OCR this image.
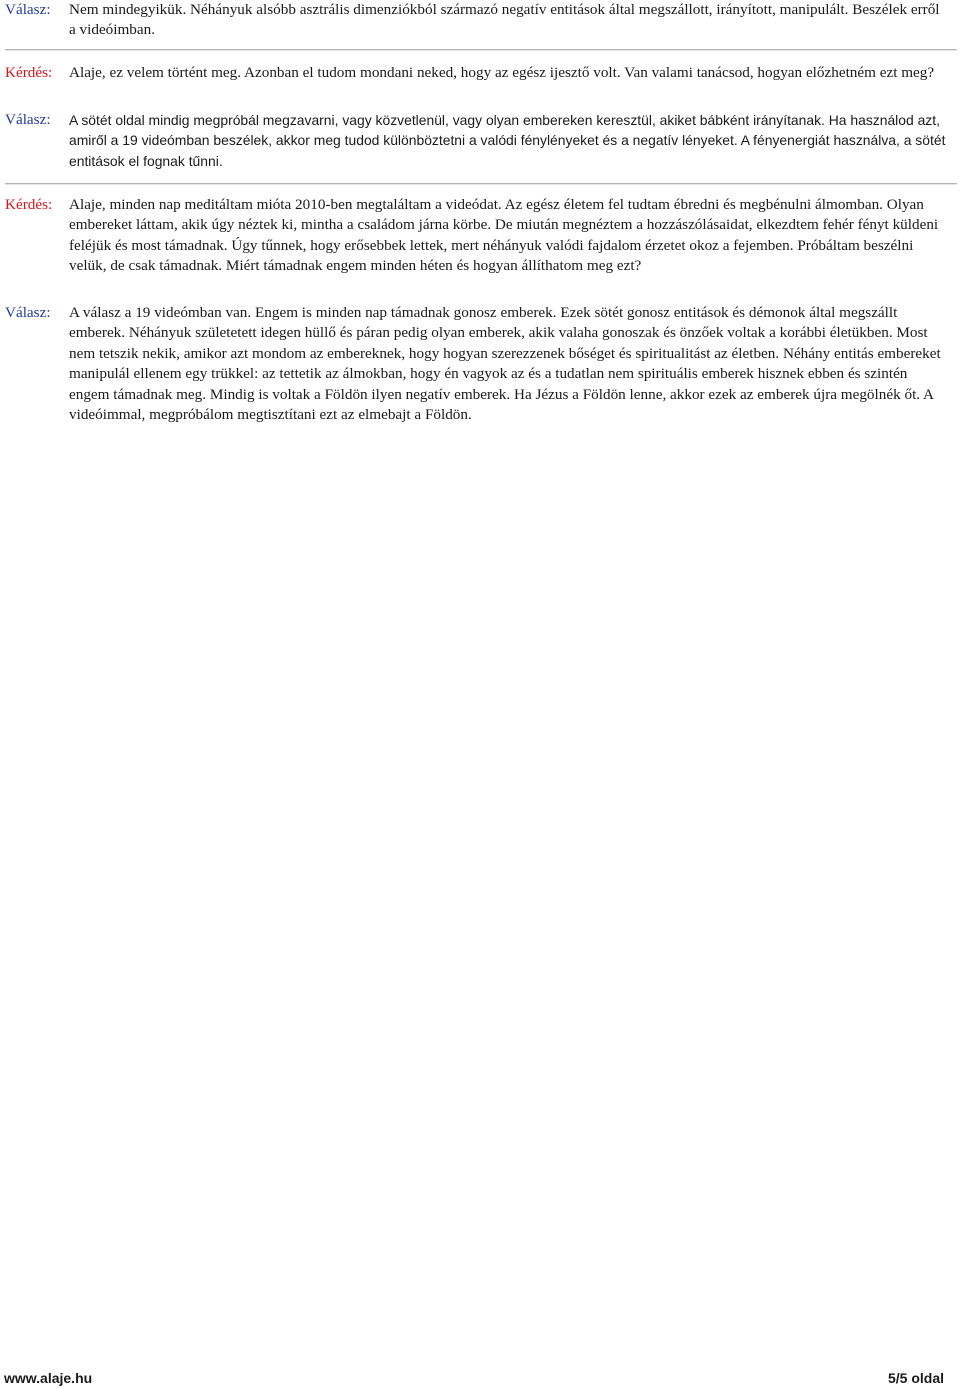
Válasz: Nem mindegyikük. Néhányuk alsóbb asztrális dimenziókból származó negatív entitások által megszállott, irányított, manipulált. Beszélek erről a videóimban.
Kérdés: Alaje, ez velem történt meg. Azonban el tudom mondani neked, hogy az egész ijesztő volt. Van valami tanácsod, hogyan előzhetném ezt meg?
Válasz: A sötét oldal mindig megpróbál megzavarni, vagy közvetlenül, vagy olyan embereken keresztül, akiket bábként irányítanak. Ha használod azt, amiről a 19 videómban beszélek, akkor meg tudod különböztetni a valódi fénylényeket és a negatív lényeket. A fényenergiát használva, a sötét entitások el fognak tűnni.
Kérdés: Alaje, minden nap meditáltam mióta 2010-ben megtaláltam a videódat. Az egész életem fel tudtam ébredni és megbénulni álmomban. Olyan embereket láttam, akik úgy néztek ki, mintha a családom járna körbe. De miután megnéztem a hozzászólásaidat, elkezdtem fehér fényt küldeni feléjük és most támadnak. Úgy tűnnek, hogy erősebbek lettek, mert néhányuk valódi fajdalom érzetet okoz a fejemben. Próbáltam beszélni velük, de csak támadnak. Miért támadnak engem minden héten és hogyan állíthatom meg ezt?
Válasz: A válasz a 19 videómban van. Engem is minden nap támadnak gonosz emberek. Ezek sötét gonosz entitások és démonok által megszállt emberek. Néhányuk születetett idegen hüllő és páran pedig olyan emberek, akik valaha gonoszak és önzőek voltak a korábbi életükben. Most nem tetszik nekik, amikor azt mondom az embereknek, hogy hogyan szerezzenek bőséget és spiritualitást az életben. Néhány entitás embereket manipulál ellenem egy trükkel: az tettetik az álmokban, hogy én vagyok az és a tudatlan nem spirituális emberek hisznek ebben és szintén engem támadnak meg. Mindig is voltak a Földön ilyen negatív emberek. Ha Jézus a Földön lenne, akkor ezek az emberek újra megölnék őt. A videóimmal, megpróbálom megtisztítani ezt az elmebajt a Földön.
www.alaje.hu	5/5 oldal
